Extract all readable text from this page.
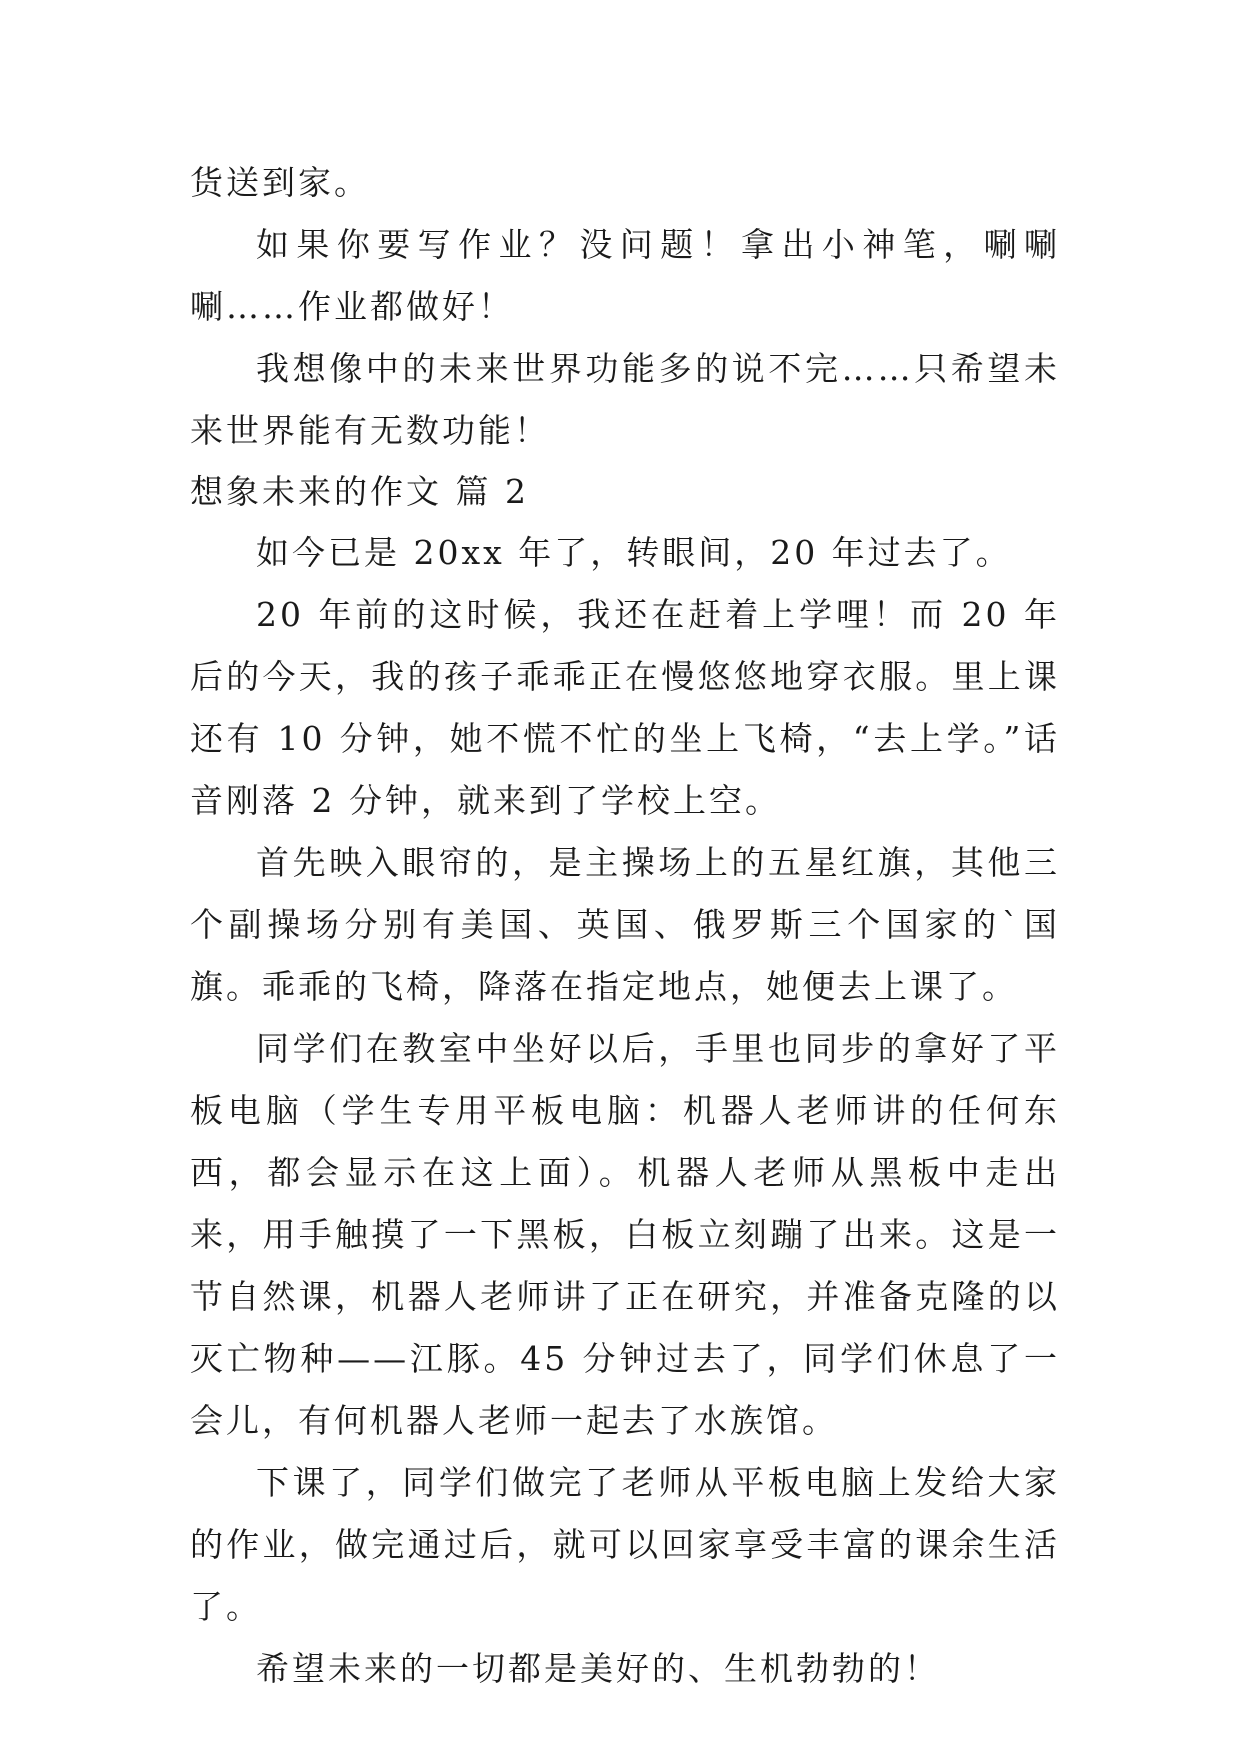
货送到家。

如果你要写作业？没问题！拿出小神笔，唰唰唰……作业都做好！

我想像中的未来世界功能多的说不完……只希望未来世界能有无数功能！

想象未来的作文 篇 2

如今已是 20xx 年了，转眼间，20 年过去了。

20 年前的这时候，我还在赶着上学哩！而 20 年后的今天，我的孩子乖乖正在慢悠悠地穿衣服。里上课还有 10 分钟，她不慌不忙的坐上飞椅，“去上学。”话音刚落 2 分钟，就来到了学校上空。

首先映入眼帘的，是主操场上的五星红旗，其他三个副操场分别有美国、英国、俄罗斯三个国家的`国旗。乖乖的飞椅，降落在指定地点，她便去上课了。

同学们在教室中坐好以后，手里也同步的拿好了平板电脑（学生专用平板电脑：机器人老师讲的任何东西，都会显示在这上面）。机器人老师从黑板中走出来，用手触摸了一下黑板，白板立刻蹦了出来。这是一节自然课，机器人老师讲了正在研究，并准备克隆的以灭亡物种——江豚。45 分钟过去了，同学们休息了一会儿，有何机器人老师一起去了水族馆。

下课了，同学们做完了老师从平板电脑上发给大家的作业，做完通过后，就可以回家享受丰富的课余生活了。

希望未来的一切都是美好的、生机勃勃的！
